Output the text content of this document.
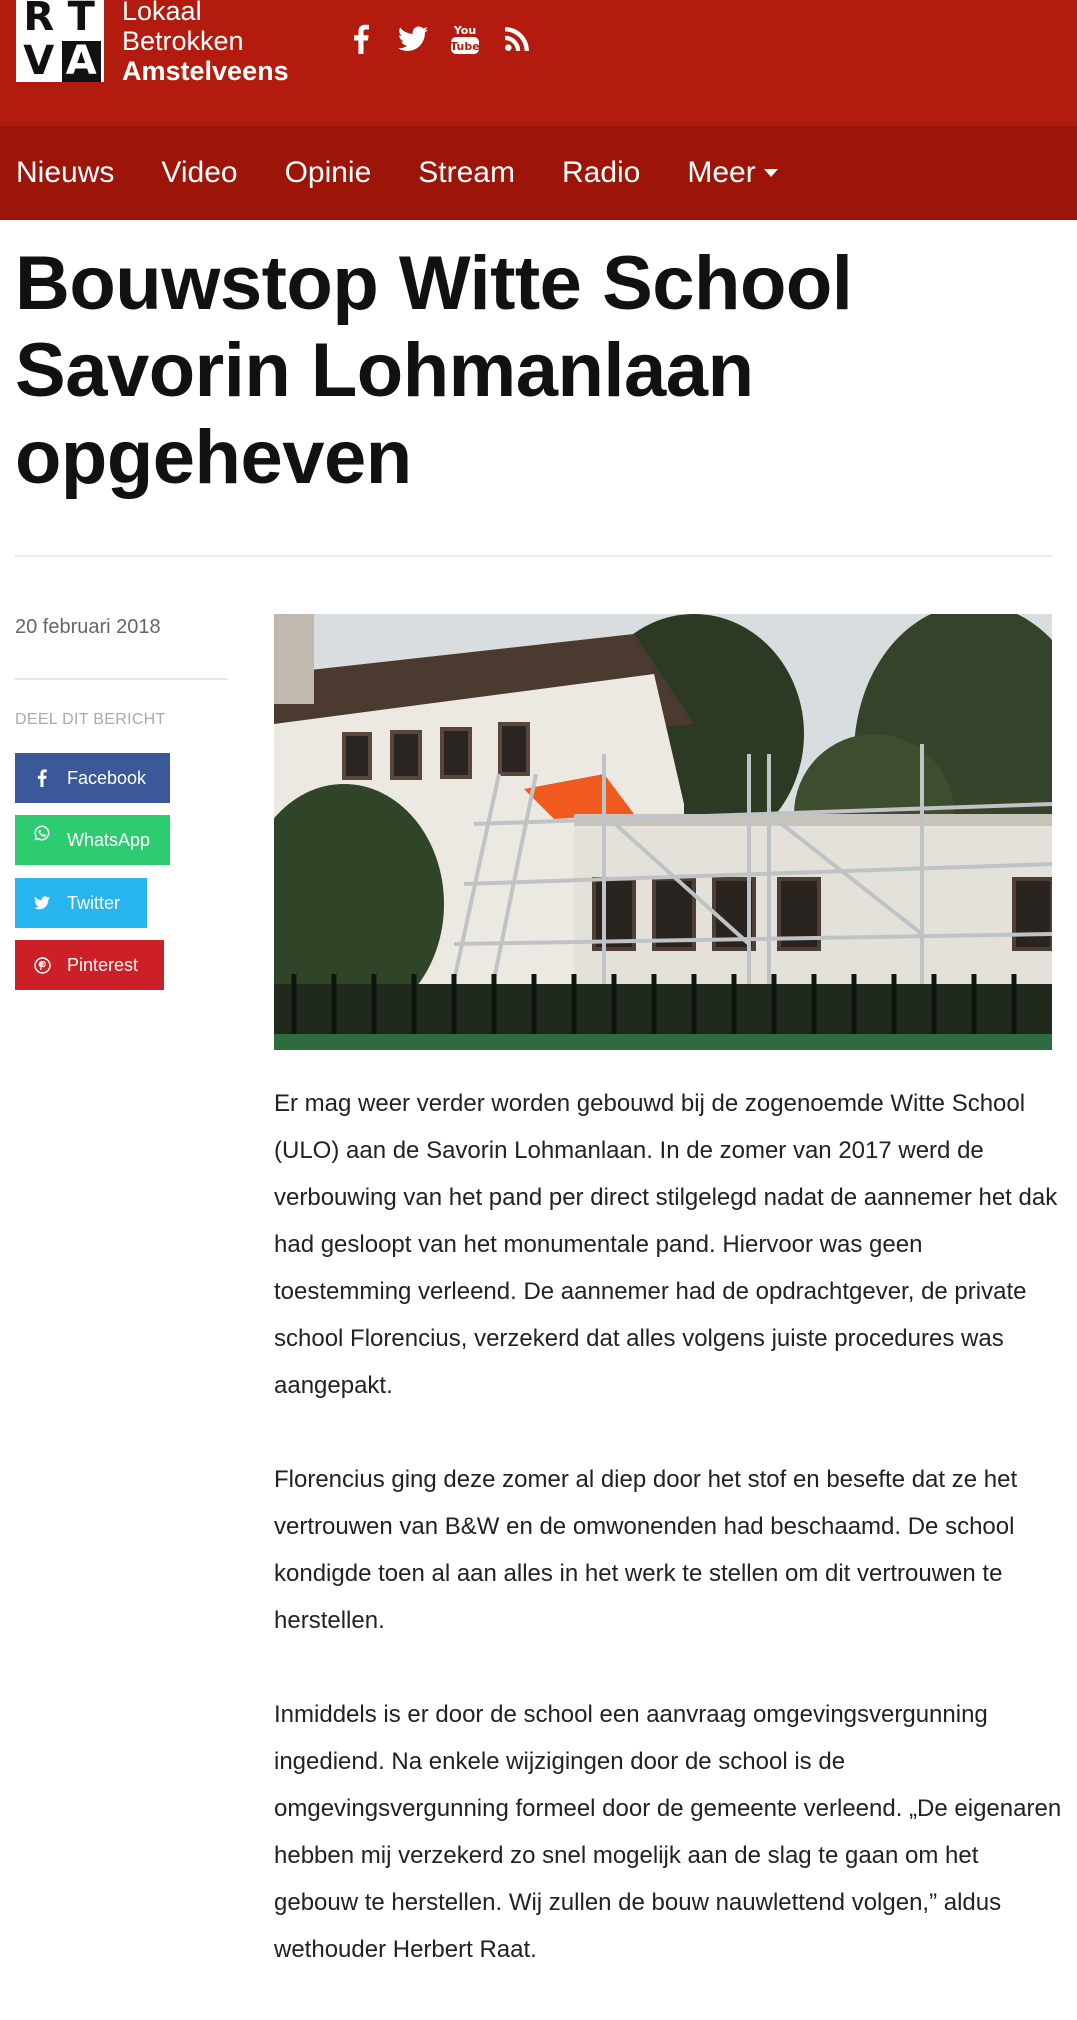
R T
V A
Lokaal
Betrokken
Amstelveens
You
Tube
Nieuws Video Opinie Stream Radio Meer
Bouwstop Witte School Savorin Lohmanlaan opgeheven
20 februari 2018
DEEL DIT BERICHT
Facebook
WhatsApp
Twitter
Pinterest

Er mag weer verder worden gebouwd bij de zogenoemde Witte School (ULO) aan de Savorin Lohmanlaan. In de zomer van 2017 werd de verbouwing van het pand per direct stilgelegd nadat de aannemer het dak had gesloopt van het monumentale pand. Hiervoor was geen toestemming verleend. De aannemer had de opdrachtgever, de private school Florencius, verzekerd dat alles volgens juiste procedures was aangepakt.

Florencius ging deze zomer al diep door het stof en besefte dat ze het vertrouwen van B&W en de omwonenden had beschaamd. De school kondigde toen al aan alles in het werk te stellen om dit vertrouwen te herstellen.

Inmiddels is er door de school een aanvraag omgevingsvergunning ingediend. Na enkele wijzigingen door de school is de omgevingsvergunning formeel door de gemeente verleend. „De eigenaren hebben mij verzekerd zo snel mogelijk aan de slag te gaan om het gebouw te herstellen. Wij zullen de bouw nauwlettend volgen,” aldus wethouder Herbert Raat.
